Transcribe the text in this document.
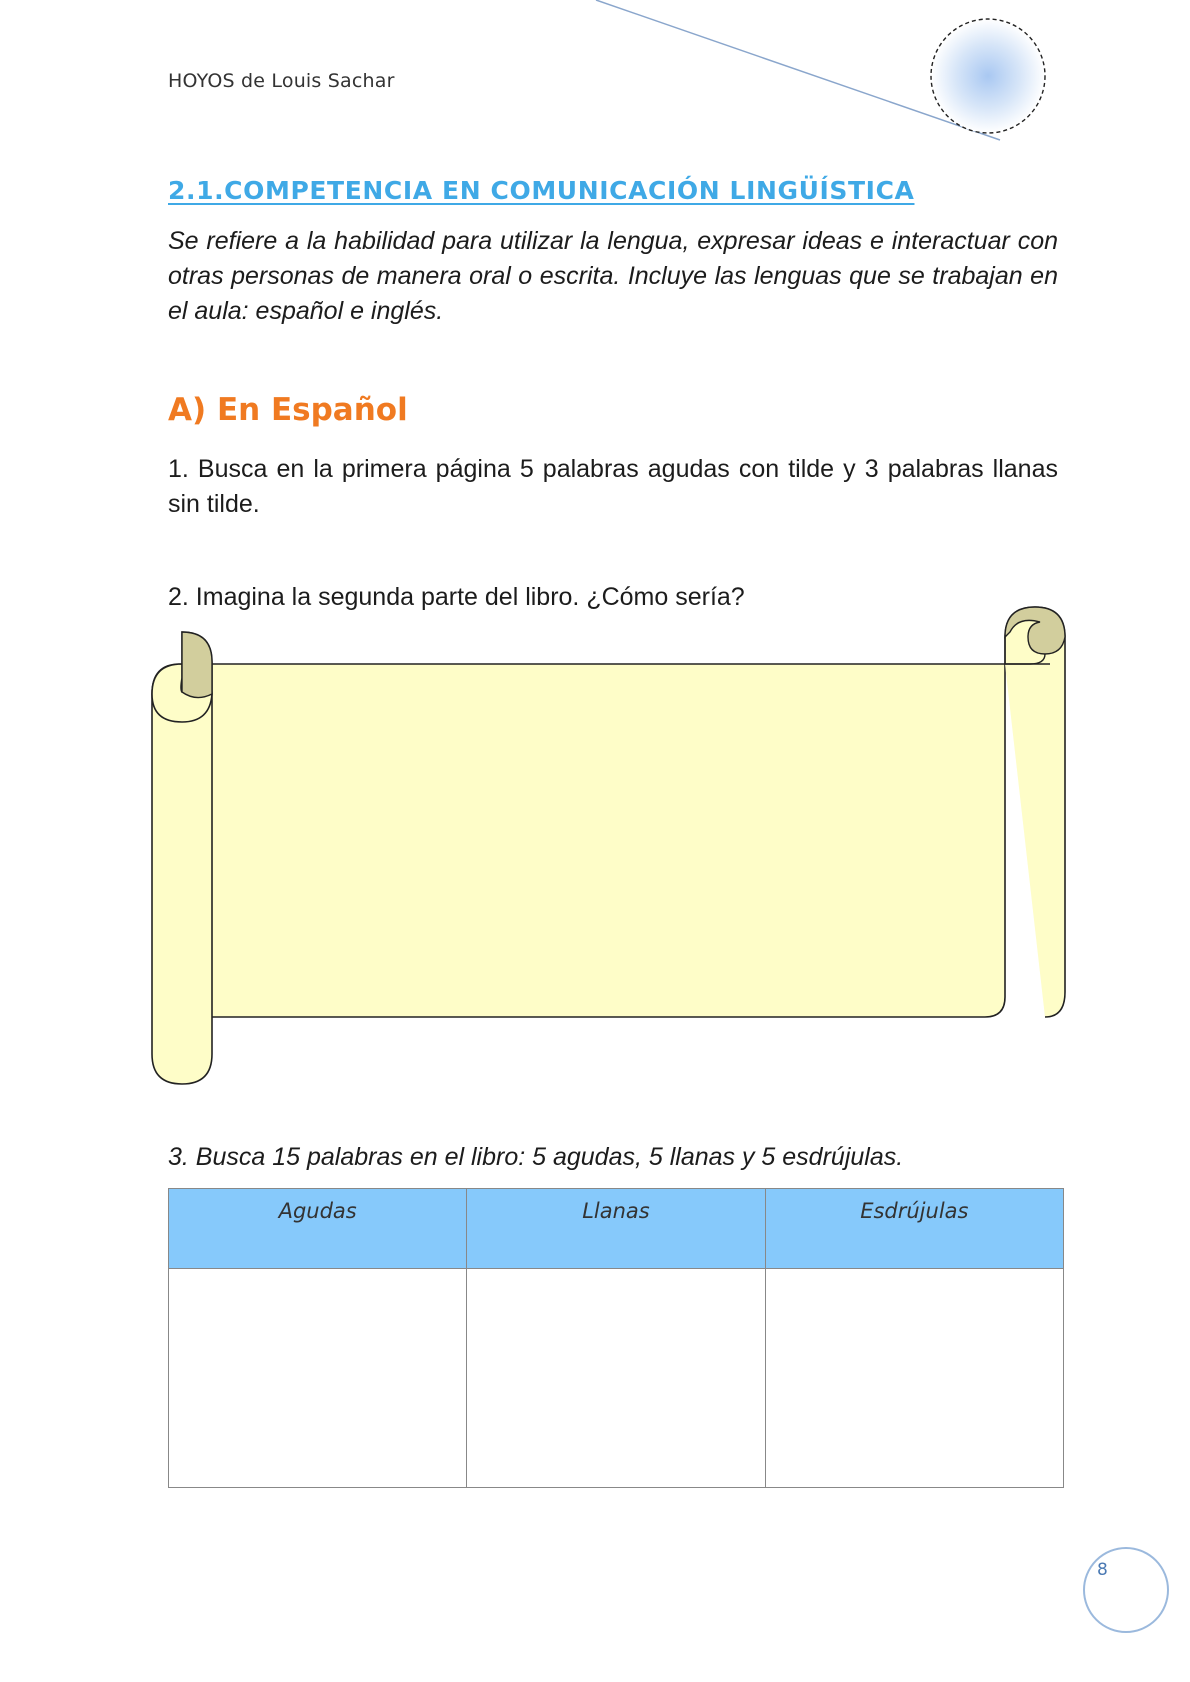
HOYOS de Louis Sachar
2.1.COMPETENCIA EN COMUNICACIÓN LINGÜÍSTICA
Se refiere a la habilidad para utilizar la lengua, expresar ideas e interactuar con otras personas de manera oral o escrita. Incluye las lenguas que se trabajan en el aula: español e inglés.
A) En Español
1. Busca en la primera página 5 palabras agudas con tilde y 3 palabras llanas sin tilde.
2. Imagina la segunda parte del libro. ¿Cómo sería?
3. Busca 15 palabras en el libro: 5 agudas, 5 llanas y 5 esdrújulas.
Agudas	Llanas	Esdrújulas

8
